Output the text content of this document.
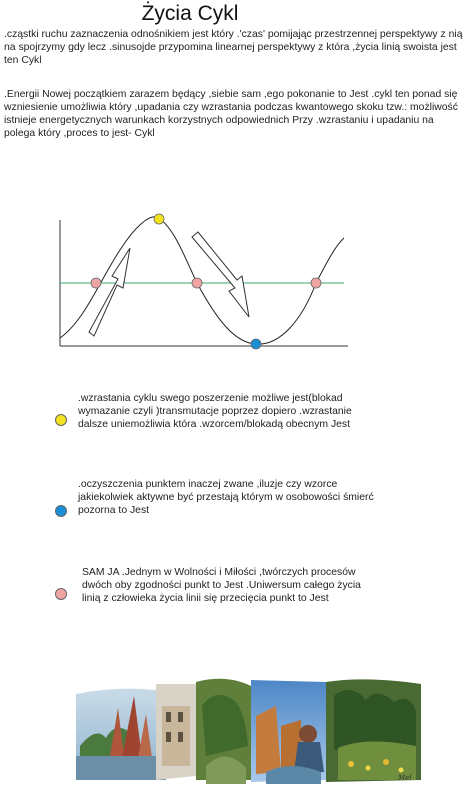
Życia Cykl
.cząstki ruchu zaznaczenia odnośnikiem jest który .'czas' pomijając przestrzennej perspektywy z nią na spojrzymy gdy lecz .sinusojde przypomina linearnej perspektywy z która ,życia linią swoista jest ten Cykl
.Energii Nowej początkiem zarazem będący ,siebie sam ,ego pokonanie to Jest .cykl ten ponad się wzniesienie umożliwia który ,upadania czy wzrastania podczas kwantowego skoku tzw.: możliwość istnieje energetycznych warunkach korzystnych odpowiednich Przy .wzrastaniu i upadaniu na polega który ,proces to jest- Cykl
.wzrastania cyklu swego poszerzenie możliwe jest(blokad wymazanie czyli )transmutacje poprzez dopiero .wzrastanie dalsze uniemożliwia która .wzorcem/blokadą obecnym Jest
.oczyszczenia punktem inaczej zwane ,iluzje czy wzorce jakiekolwiek aktywne być przestają którym w osobowości śmierć pozorna to Jest
SAM JA .Jednym w Wolności i Miłości ,twórczych procesów dwóch oby zgodności punkt to Jest .Uniwersum całego życia linią z człowieka życia linii się przecięcia punkt to Jest
Mel
